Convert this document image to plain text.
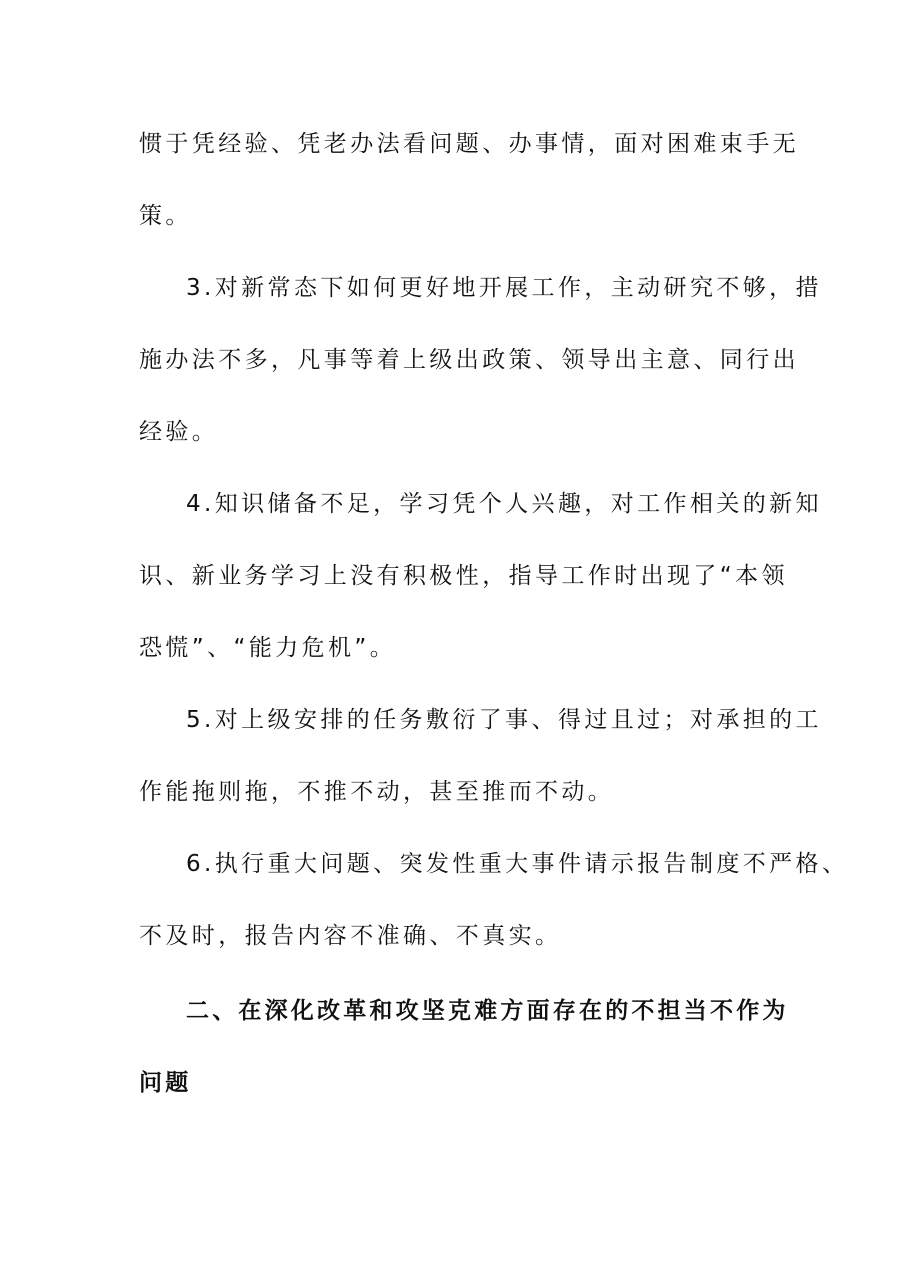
惯于凭经验、凭老办法看问题、办事情，面对困难束手无
策。
3.对新常态下如何更好地开展工作，主动研究不够，措
施办法不多，凡事等着上级出政策、领导出主意、同行出
经验。
4.知识储备不足，学习凭个人兴趣，对工作相关的新知
识、新业务学习上没有积极性，指导工作时出现了“本领
恐慌”、“能力危机”。
5.对上级安排的任务敷衍了事、得过且过；对承担的工
作能拖则拖，不推不动，甚至推而不动。
6.执行重大问题、突发性重大事件请示报告制度不严格、
不及时，报告内容不准确、不真实。
二、在深化改革和攻坚克难方面存在的不担当不作为
问题
